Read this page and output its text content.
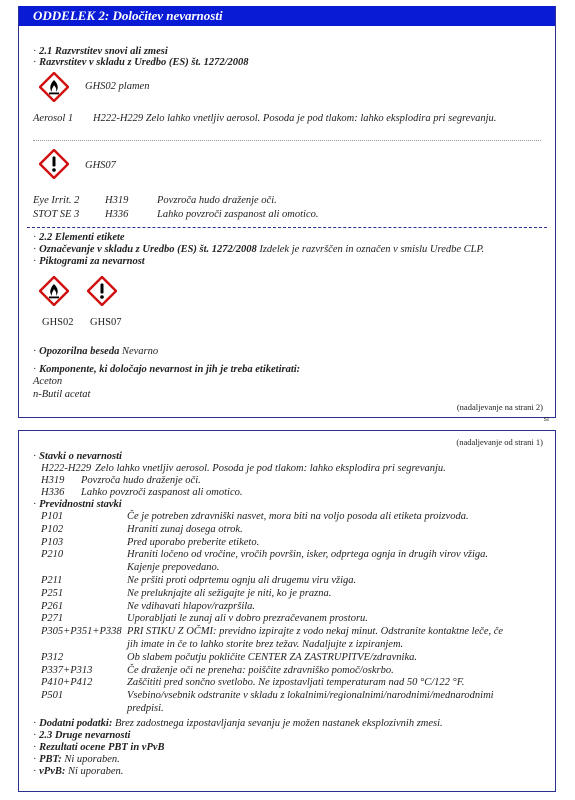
ODDELEK 2: Določitev nevarnosti
· 2.1 Razvrstitev snovi ali zmesi
· Razvrstitev v skladu z Uredbo (ES) št. 1272/2008
GHS02 plamen
Aerosol 1 H222-H229 Zelo lahko vnetljiv aerosol. Posoda je pod tlakom: lahko eksplodira pri segrevanju.
GHS07
Eye Irrit. 2 H319	Povzroča hudo draženje oči.
STOT SE 3 H336	Lahko povzroči zaspanost ali omotico.
· 2.2 Elementi etikete
· Označevanje v skladu z Uredbo (ES) št. 1272/2008 Izdelek je razvrščen in označen v smislu Uredbe CLP.
· Piktogrami za nevarnost
GHS02 GHS07
· Opozorilna beseda Nevarno
· Komponente, ki določajo nevarnost in jih je treba etiketirati:
Aceton
n-Butil acetat
(nadaljevanje na strani 2)
SI
(nadaljevanje od strani 1)
· Stavki o nevarnosti
H222-H229 Zelo lahko vnetljiv aerosol. Posoda je pod tlakom: lahko eksplodira pri segrevanju.
H319 Povzroča hudo draženje oči.
H336 Lahko povzroči zaspanost ali omotico.
· Previdnostni stavki
P101	Če je potreben zdravniški nasvet, mora biti na voljo posoda ali etiketa proizvoda.
P102	Hraniti zunaj dosega otrok.
P103	Pred uporabo preberite etiketo.
P210	Hraniti ločeno od vročine, vročih površin, isker, odprtega ognja in drugih virov vžiga.
Kajenje prepovedano.
P211	Ne pršiti proti odprtemu ognju ali drugemu viru vžiga.
P251	Ne preluknjajte ali sežigajte je niti, ko je prazna.
P261	Ne vdihavati hlapov/razpršila.
P271	Uporabljati le zunaj ali v dobro prezračevanem prostoru.
P305+P351+P338 PRI STIKU Z OČMI: previdno izpirajte z vodo nekaj minut. Odstranite kontaktne leče, če
jih imate in če to lahko storite brez težav. Nadaljujte z izpiranjem.
P312	Ob slabem počutju pokličite CENTER ZA ZASTRUPITVE/zdravnika.
P337+P313	Če draženje oči ne preneha: poiščite zdravniško pomoč/oskrbo.
P410+P412	Zaščititi pred sončno svetlobo. Ne izpostavljati temperaturam nad 50 °C/122 °F.
P501	Vsebino/vsebnik odstranite v skladu z lokalnimi/regionalnimi/narodnimi/mednarodnimi
predpisi.
· Dodatni podatki: Brez zadostnega izpostavljanja sevanju je možen nastanek eksplozivnih zmesi.
· 2.3 Druge nevarnosti
· Rezultati ocene PBT in vPvB
· PBT: Ni uporaben.
· vPvB: Ni uporaben.
